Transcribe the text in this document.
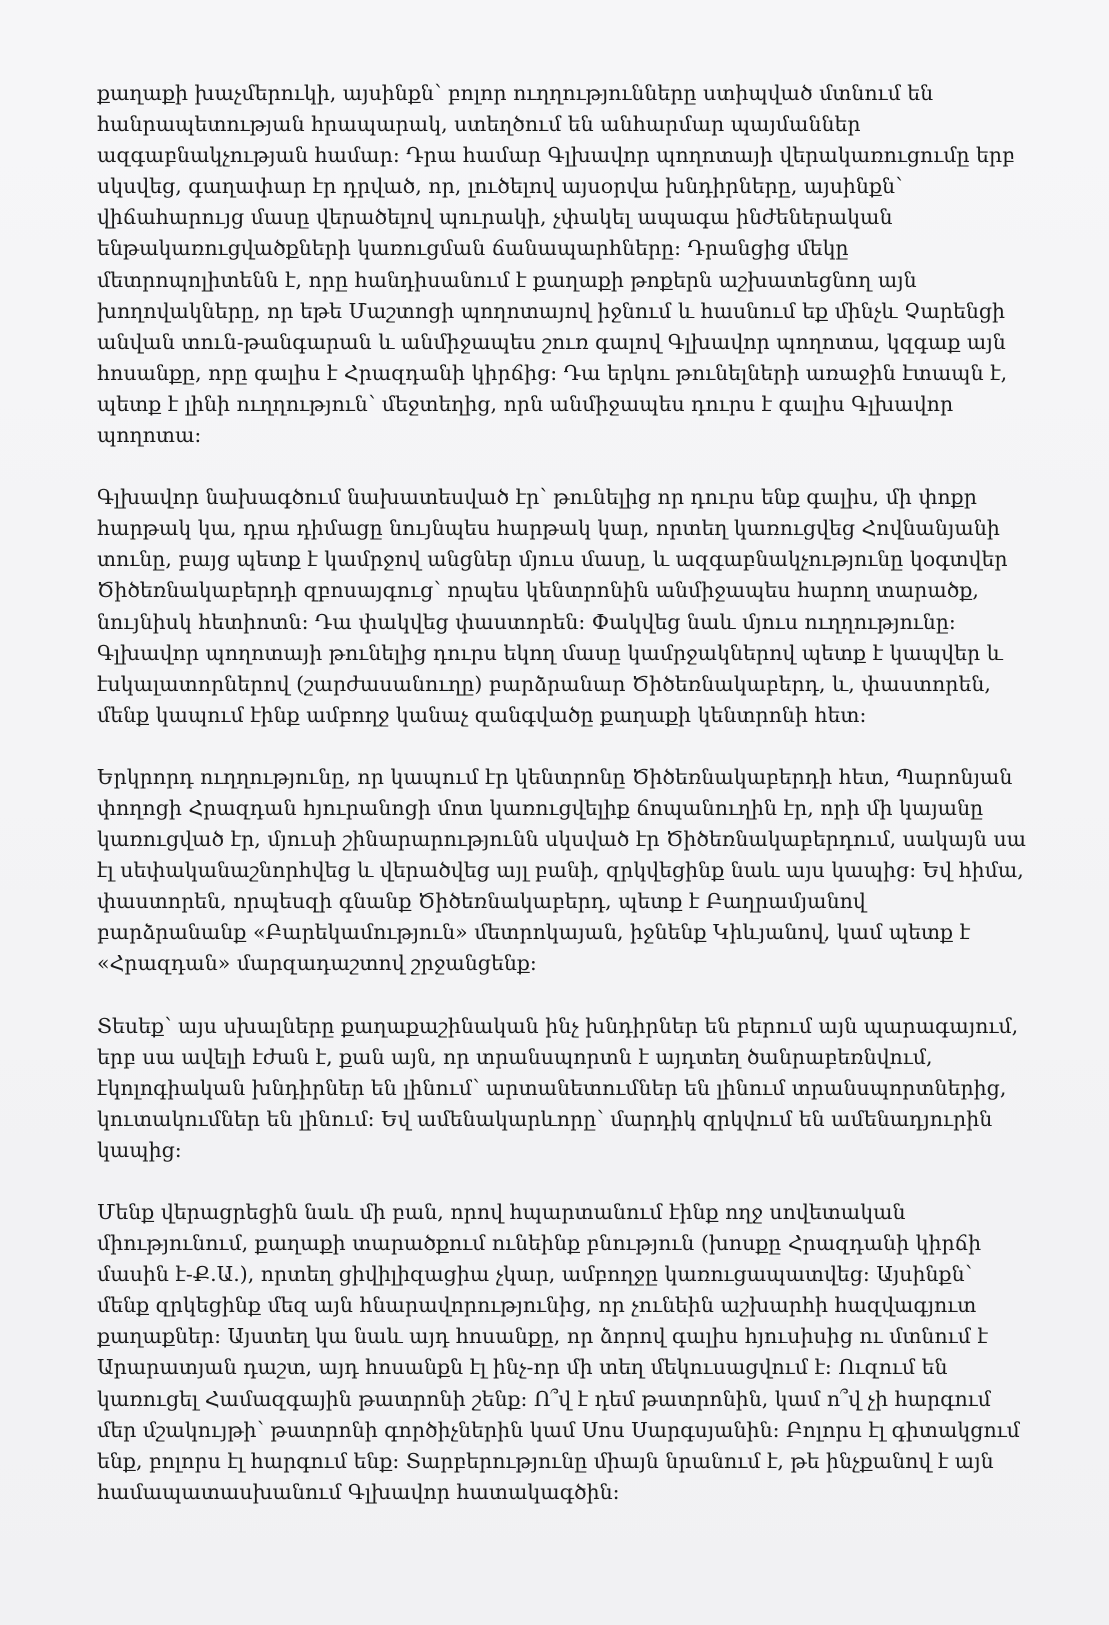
քաղաքի խաչմերուկի, այսինքն՝ բոլոր ուղղությունները ստիպված մտնում են
հանրապետության հրապարակ, ստեղծում են անհարմար պայմաններ
ազգաբնակչության համար: Դրա համար Գլխավոր պողոտայի վերակառուցումը երբ
սկսվեց, գաղափար էր դրված, որ, լուծելով այսօրվա խնդիրները, այսինքն՝
վիճահարույց մասը վերածելով պուրակի, չփակել ապագա ինժեներական
ենթակառուցվածքների կառուցման ճանապարհները: Դրանցից մեկը
մետրոպոլիտենն է, որը հանդիսանում է քաղաքի թոքերն աշխատեցնող այն
խողովակները, որ եթե Մաշտոցի պողոտայով իջնում և հասնում եք մինչև Չարենցի
անվան տուն-թանգարան և անմիջապես շուռ գալով Գլխավոր պողոտա, կզգաք այն
հոսանքը, որը գալիս է Հրազդանի կիրճից: Դա երկու թունելների առաջին էտապն է,
պետք է լինի ուղղություն՝ մեջտեղից, որն անմիջապես դուրս է գալիս Գլխավոր
պողոտա:
Գլխավոր նախագծում նախատեսված էր՝ թունելից որ դուրս ենք գալիս, մի փոքր
հարթակ կա, դրա դիմացը նույնպես հարթակ կար, որտեղ կառուցվեց Հովնանյանի
տունը, բայց պետք է կամրջով անցներ մյուս մասը, և ազգաբնակչությունը կօգտվեր
Ծիծեռնակաբերդի զբոսայգուց՝ որպես կենտրոնին անմիջապես հարող տարածք,
նույնիսկ հետիոտն: Դա փակվեց փաստորեն: Փակվեց նաև մյուս ուղղությունը:
Գլխավոր պողոտայի թունելից դուրս եկող մասը կամրջակներով պետք է կապվեր և
էսկալատորներով (շարժասանուղը) բարձրանար Ծիծեռնակաբերդ, և, փաստորեն,
մենք կապում էինք ամբողջ կանաչ զանգվածը քաղաքի կենտրոնի հետ:
Երկրորդ ուղղությունը, որ կապում էր կենտրոնը Ծիծեռնակաբերդի հետ, Պարոնյան
փողոցի Հրազդան հյուրանոցի մոտ կառուցվելիք ճոպանուղին էր, որի մի կայանը
կառուցված էր, մյուսի շինարարությունն սկսված էր Ծիծեռնակաբերդում, սակայն սա
էլ սեփականաշնորհվեց և վերածվեց այլ բանի, զրկվեցինք նաև այս կապից: Եվ հիմա,
փաստորեն, որպեսզի գնանք Ծիծեռնակաբերդ, պետք է Բաղրամյանով
բարձրանանք «Բարեկամություն» մետրոկայան, իջնենք Կիևյանով, կամ պետք է
«Հրազդան» մարզադաշտով շրջանցենք:
Տեսեք՝ այս սխալները քաղաքաշինական ինչ խնդիրներ են բերում այն պարագայում,
երբ սա ավելի էժան է, քան այն, որ տրանսպորտն է այդտեղ ծանրաբեռնվում,
էկոլոգիական խնդիրներ են լինում՝ արտանետումներ են լինում տրանսպորտներից,
կուտակումներ են լինում: Եվ ամենակարևորը՝ մարդիկ զրկվում են ամենադյուրին
կապից:
Մենք վերացրեցին նաև մի բան, որով հպարտանում էինք ողջ սովետական
միությունում, քաղաքի տարածքում ունեինք բնություն (խոսքը Հրազդանի կիրճի
մասին է-Ք.Ա.), որտեղ ցիվիլիզացիա չկար, ամբողջը կառուցապատվեց: Այսինքն՝
մենք զրկեցինք մեզ այն հնարավորությունից, որ չունեին աշխարհի հազվագյուտ
քաղաքներ: Այստեղ կա նաև այդ հոսանքը, որ ձորով գալիս հյուսիսից ու մտնում է
Արարատյան դաշտ, այդ հոսանքն էլ ինչ-որ մի տեղ մեկուսացվում է: Ուզում են
կառուցել Համազգային թատրոնի շենք: Ո՞վ է դեմ թատրոնին, կամ ո՞վ չի հարգում
մեր մշակույթի՝ թատրոնի գործիչներին կամ Սոս Սարգսյանին: Բոլորս էլ գիտակցում
ենք, բոլորս էլ հարգում ենք: Տարբերությունը միայն նրանում է, թե ինչքանով է այն
համապատասխանում Գլխավոր հատակագծին:
